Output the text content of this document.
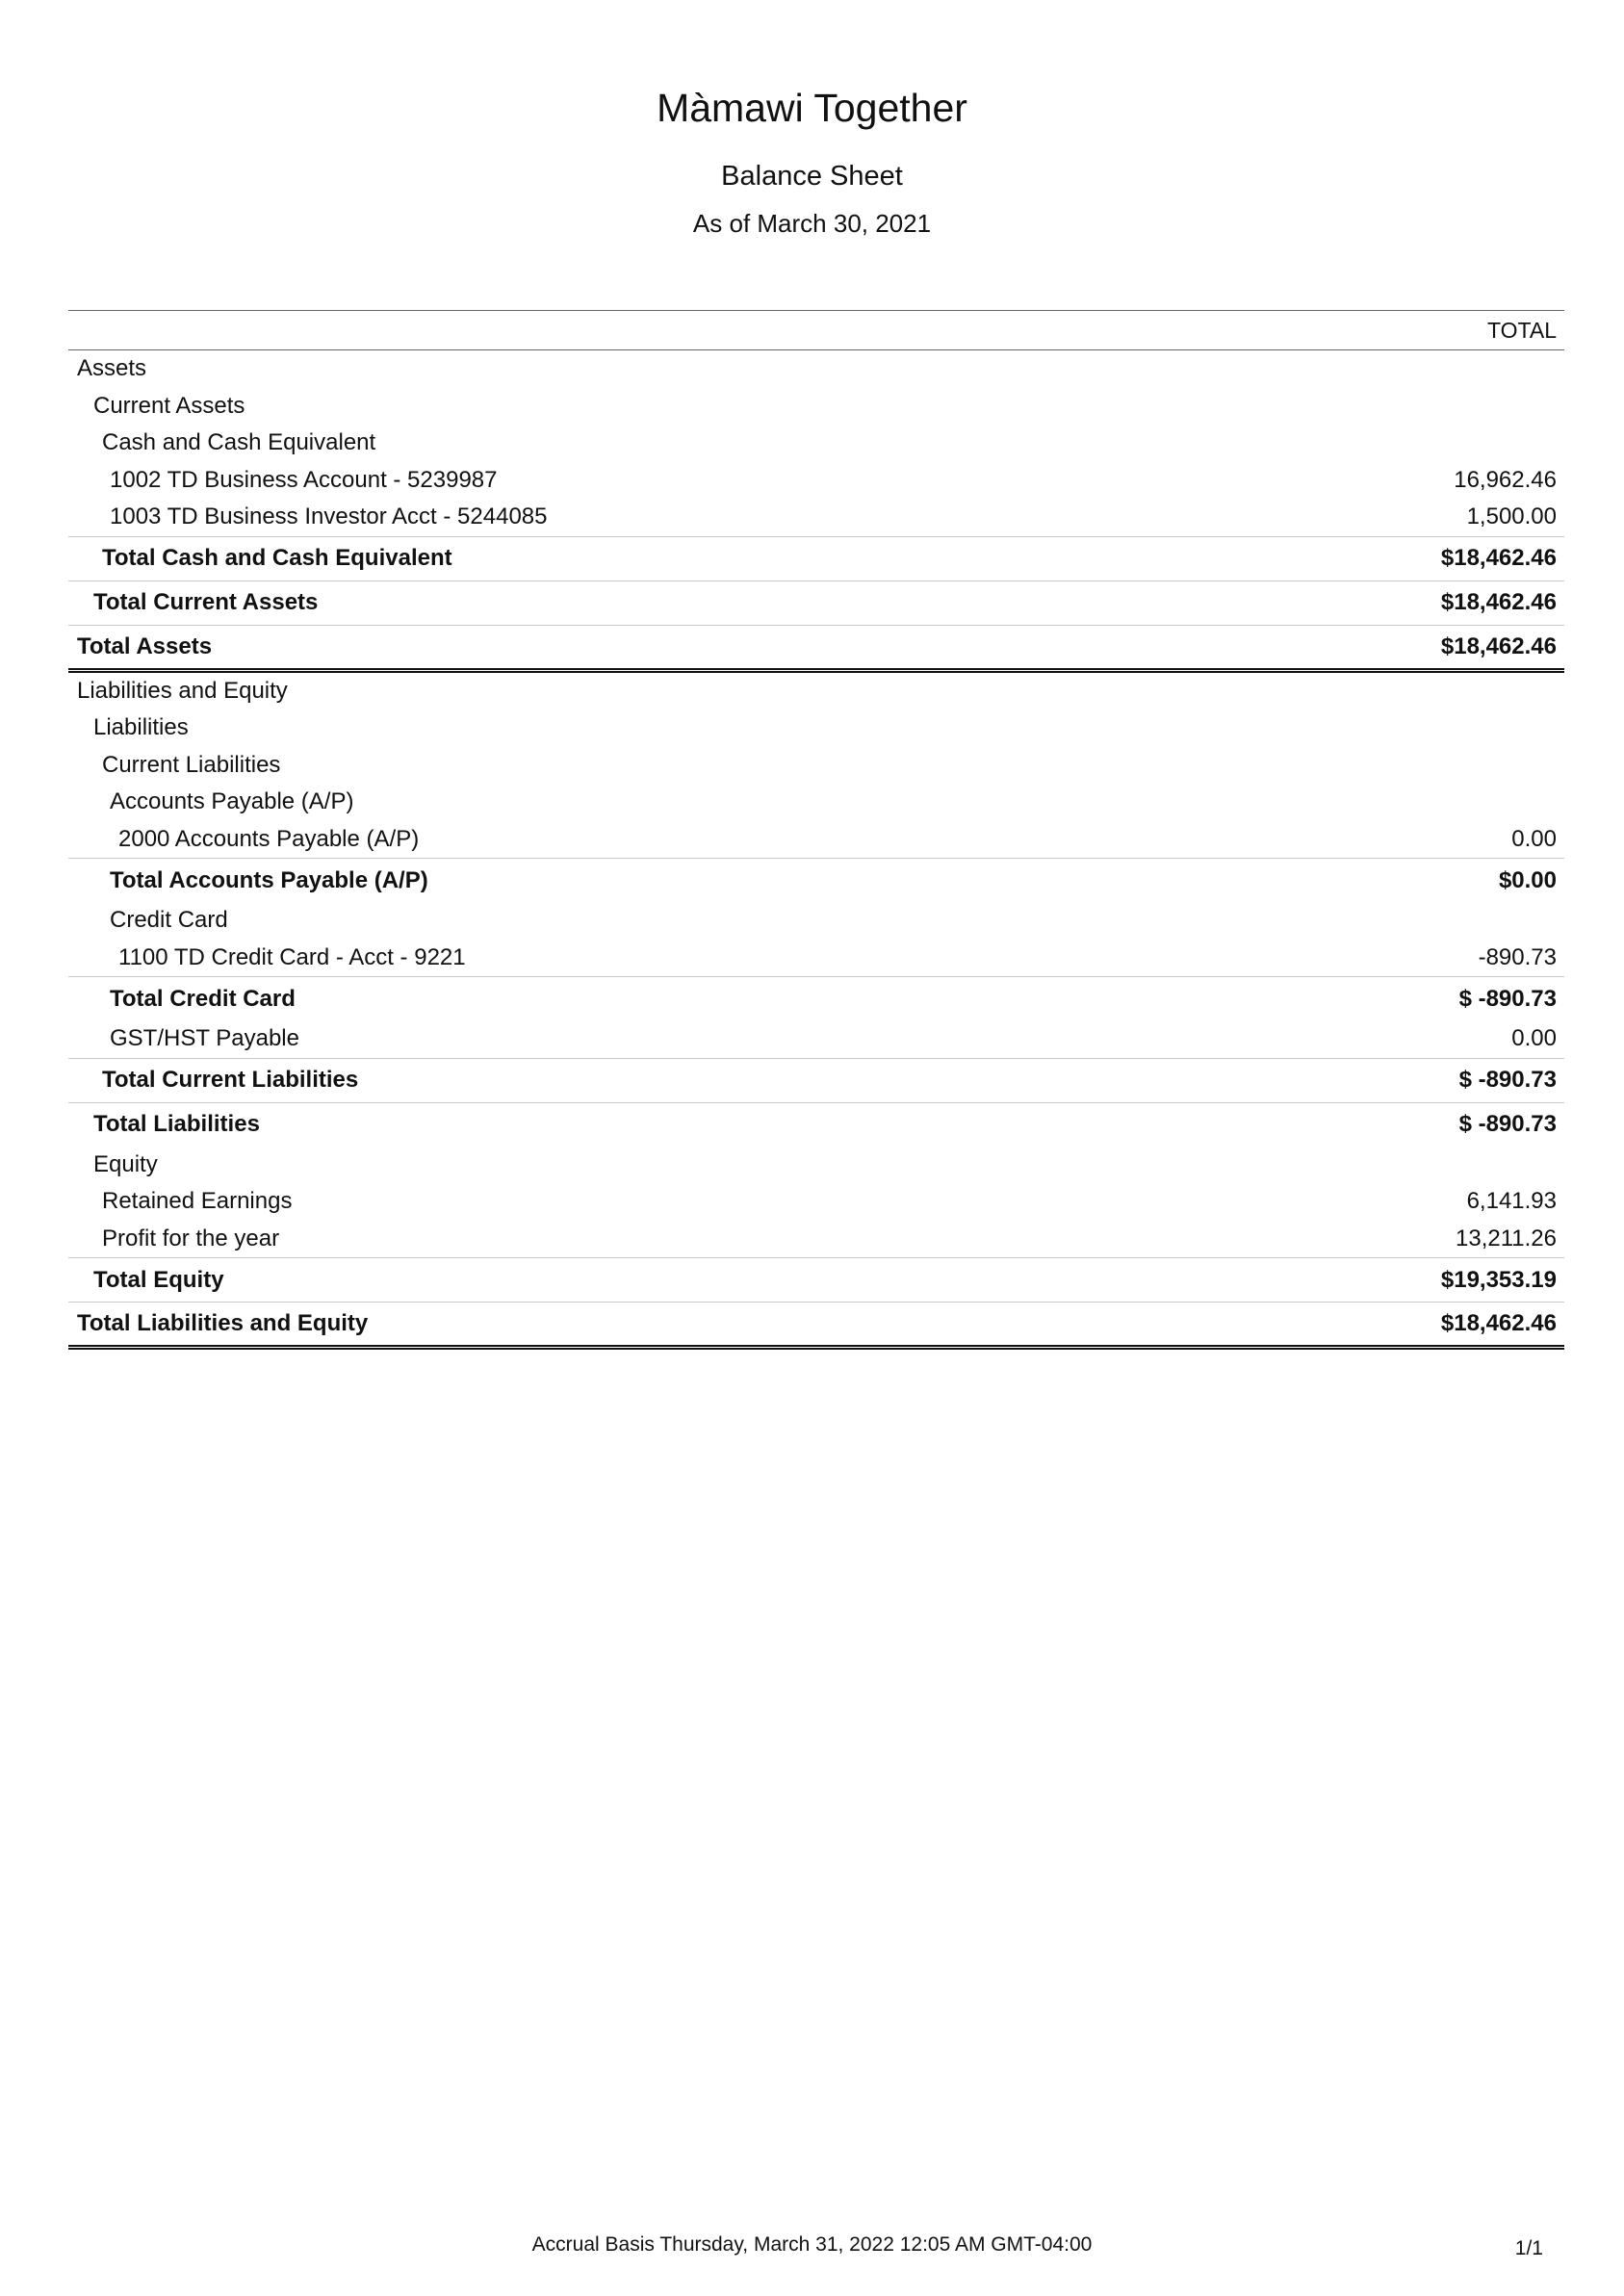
Màmawi Together
Balance Sheet
As of March 30, 2021
TOTAL
Assets
Current Assets
Cash and Cash Equivalent
1002 TD Business Account - 5239987	16,962.46
1003 TD Business Investor Acct - 5244085	1,500.00
Total Cash and Cash Equivalent	$18,462.46
Total Current Assets	$18,462.46
Total Assets	$18,462.46
Liabilities and Equity
Liabilities
Current Liabilities
Accounts Payable (A/P)
2000 Accounts Payable (A/P)	0.00
Total Accounts Payable (A/P)	$0.00
Credit Card
1100 TD Credit Card - Acct - 9221	-890.73
Total Credit Card	$ -890.73
GST/HST Payable	0.00
Total Current Liabilities	$ -890.73
Total Liabilities	$ -890.73
Equity
Retained Earnings	6,141.93
Profit for the year	13,211.26
Total Equity	$19,353.19
Total Liabilities and Equity	$18,462.46
Accrual Basis Thursday, March 31, 2022 12:05 AM GMT-04:00	1/1
